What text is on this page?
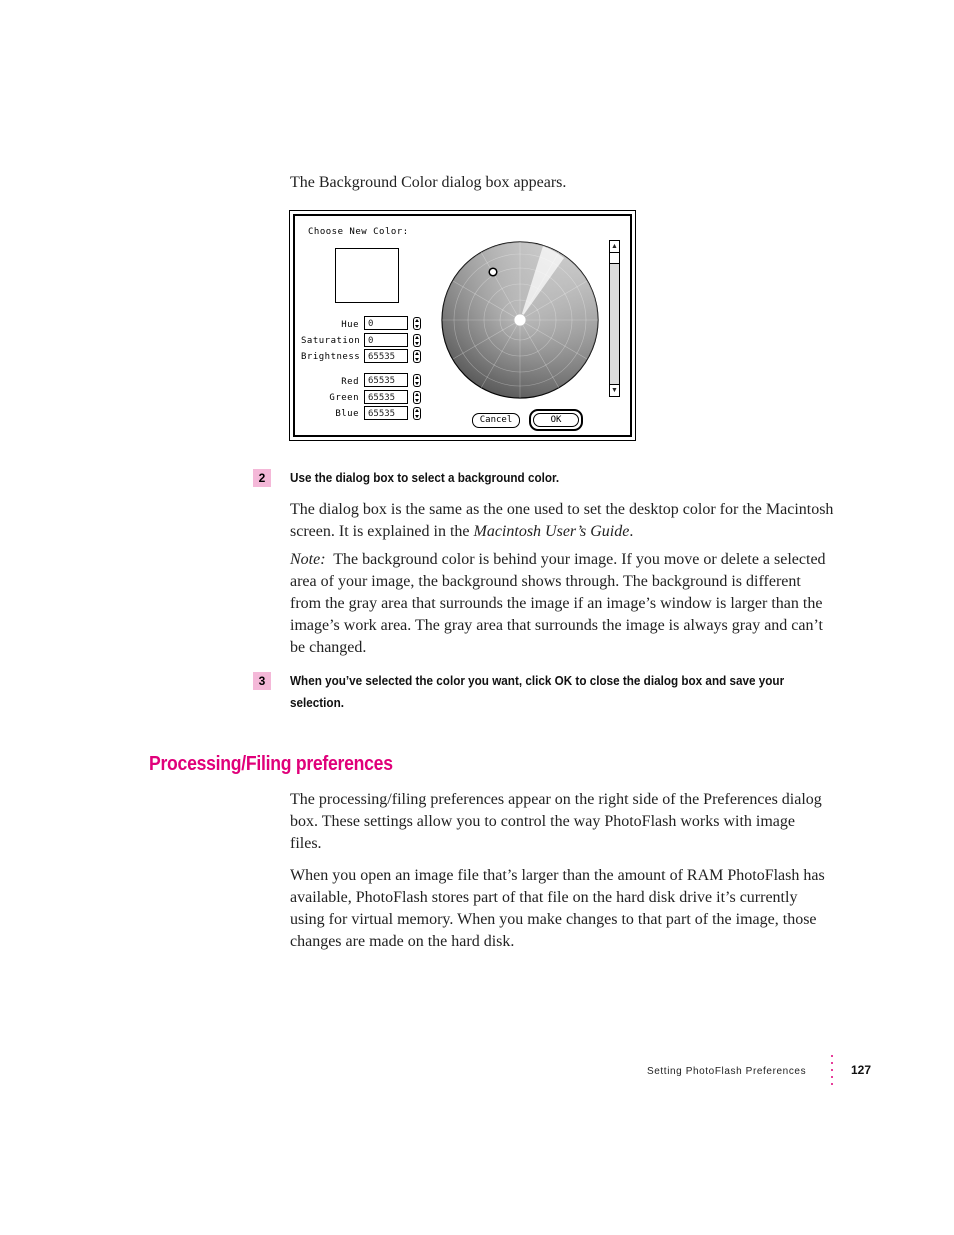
The Background Color dialog box appears.
Choose New Color:
Hue	0
Saturation 0
Brightness 65535
Red	65535
Green	65535
Blue	65535
▲
▼
Cancel	OK
2	Use the dialog box to select a background color.
The dialog box is the same as the one used to set the desktop color for the Macintosh screen. It is explained in the Macintosh User’s Guide.
Note: The background color is behind your image. If you move or delete a selected area of your image, the background shows through. The background is different from the gray area that surrounds the image if an image’s window is larger than the image’s work area. The gray area that surrounds the image is always gray and can’t be changed.
3	When you’ve selected the color you want, click OK to close the dialog box and save your selection.
Processing/Filing preferences
The processing/filing preferences appear on the right side of the Preferences dialog box. These settings allow you to control the way PhotoFlash works with image files.
When you open an image file that’s larger than the amount of RAM PhotoFlash has available, PhotoFlash stores part of that file on the hard disk drive it’s currently using for virtual memory. When you make changes to that part of the image, those changes are made on the hard disk.
Setting PhotoFlash Preferences	127
